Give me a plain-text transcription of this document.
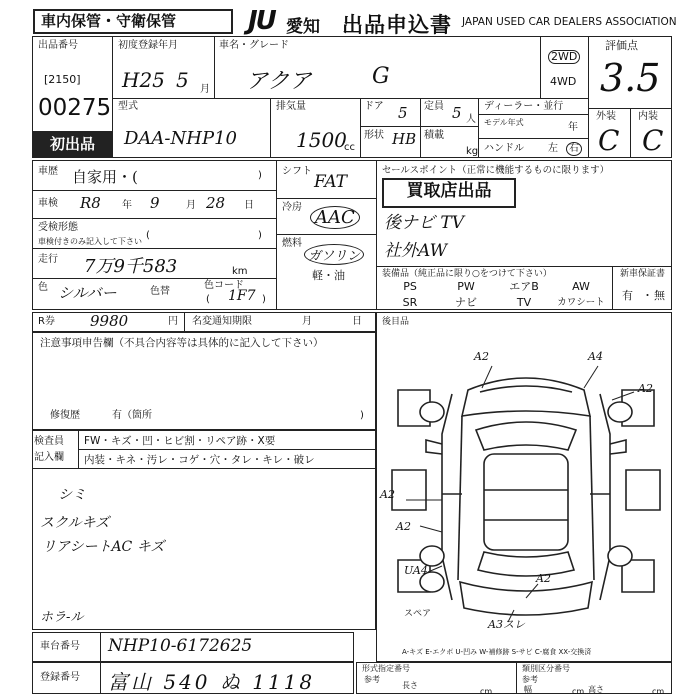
車内保管・守衛保管	JU 愛知 出品申込書 JAPAN USED CAR DEALERS ASSOCIATION
出品番号
[2150]
00275
初出品
初度登録年月
H25 5 月
車名・グレード
アクア	G
2WD
4WD
評価点
3.5
外装 内装
C C
型式
DAA-NHP10
排気量
1500
cc
ドア 5
形状 HB
定員 5 人
積載
kg
ディーラー・並行
モデル年式	年
ハンドル 左	右
車歴 自家用・(	)
車検 R8 年 9	月 28 日
受検形態
車検付きのみ記入して下さい
(	)
走行 7万9千583	km
色 シルバー	色替
色コード
( 1F7 )
シフト
FAT
冷房 AAC
燃料
ガソリン
軽・油
セールスポイント（正常に機能するものに限ります）
買取店出品
後ナビ TV
社外AW
装備品（純正品に限り○をつけて下さい）	新車保証書
有 ・ 無
PS	PW	エアB	AW
SR	ナビ	TV	カワシート
R券 9980	円 名変通知期限	月	日 後目品
注意事項申告欄（不具合内容等は具体的に記入して下さい）
修復歴	有（箇所	)
検査員
記入欄
FW・キズ・凹・ヒビ割・リペア跡・X要
内装・キネ・汚レ・コゲ・穴・タレ・キレ・破レ
シミ
スクルキズ
リアシートAC キズ
ホラ-ル
車台番号 NHP10-6172625
登録番号 富山 540 ぬ 1118
形式指定番号	類別区分番号
参考	参考
長さ
cm	幅	cm 高さ	cm
A2	A4
A2
A2
A2
UA4
A2
A3スレ
スペア
A-キズ E-エクボ U-凹み W-補修跡 S-サビ C-腐食 XX-交換済
